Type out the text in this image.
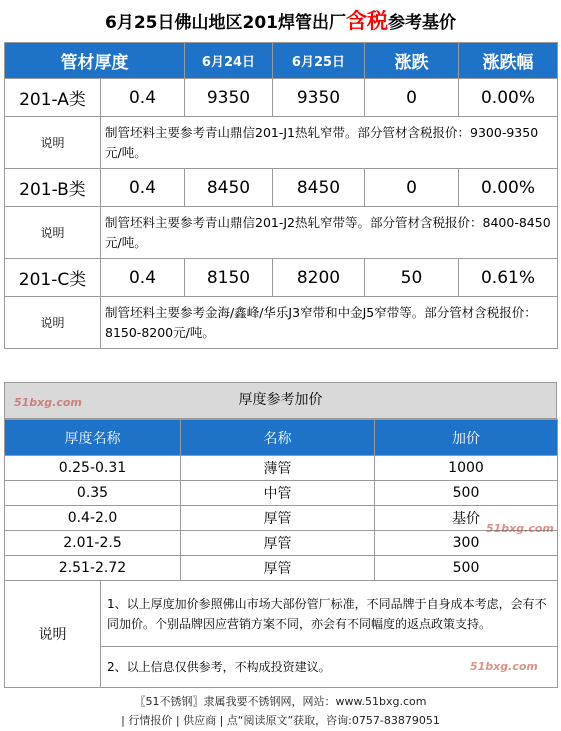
6月25日佛山地区201焊管出厂含税参考基价
管材厚度		6月24日	6月25日	涨跌	涨跌幅
201-A类	0.4	9350	9350	0	0.00%
说明	制管坯料主要参考青山鼎信201-J1热轧窄带。部分管材含税报价：9300-9350元/吨。				
201-B类	0.4	8450	8450	0	0.00%
说明	制管坯料主要参考青山鼎信201-J2热轧窄带等。部分管材含税报价：8400-8450元/吨。				
201-C类	0.4	8150	8200	50	0.61%
说明	制管坯料主要参考金海/鑫峰/华乐J3窄带和中金J5窄带等。部分管材含税报价：8150-8200元/吨。				
厚度参考加价
51bxg.com
厚度名称	名称	加价
0.25-0.31	薄管	1000
0.35	中管	500
0.4-2.0	厚管	基价
2.01-2.5	厚管	300
2.51-2.72	厚管	500
51bxg.com
说明	1、以上厚度加价参照佛山市场大部份管厂标准，不同品牌于自身成本考虑，会有不同加价。个别品牌因应营销方案不同，亦会有不同幅度的返点政策支持。
2、以上信息仅供参考，不构成投资建议。	51bxg.com
〖51不锈钢〗隶属我要不锈钢网，网站：www.51bxg.com
| 行情报价 | 供应商 | 点“阅读原文”获取，咨询:0757-83879051
